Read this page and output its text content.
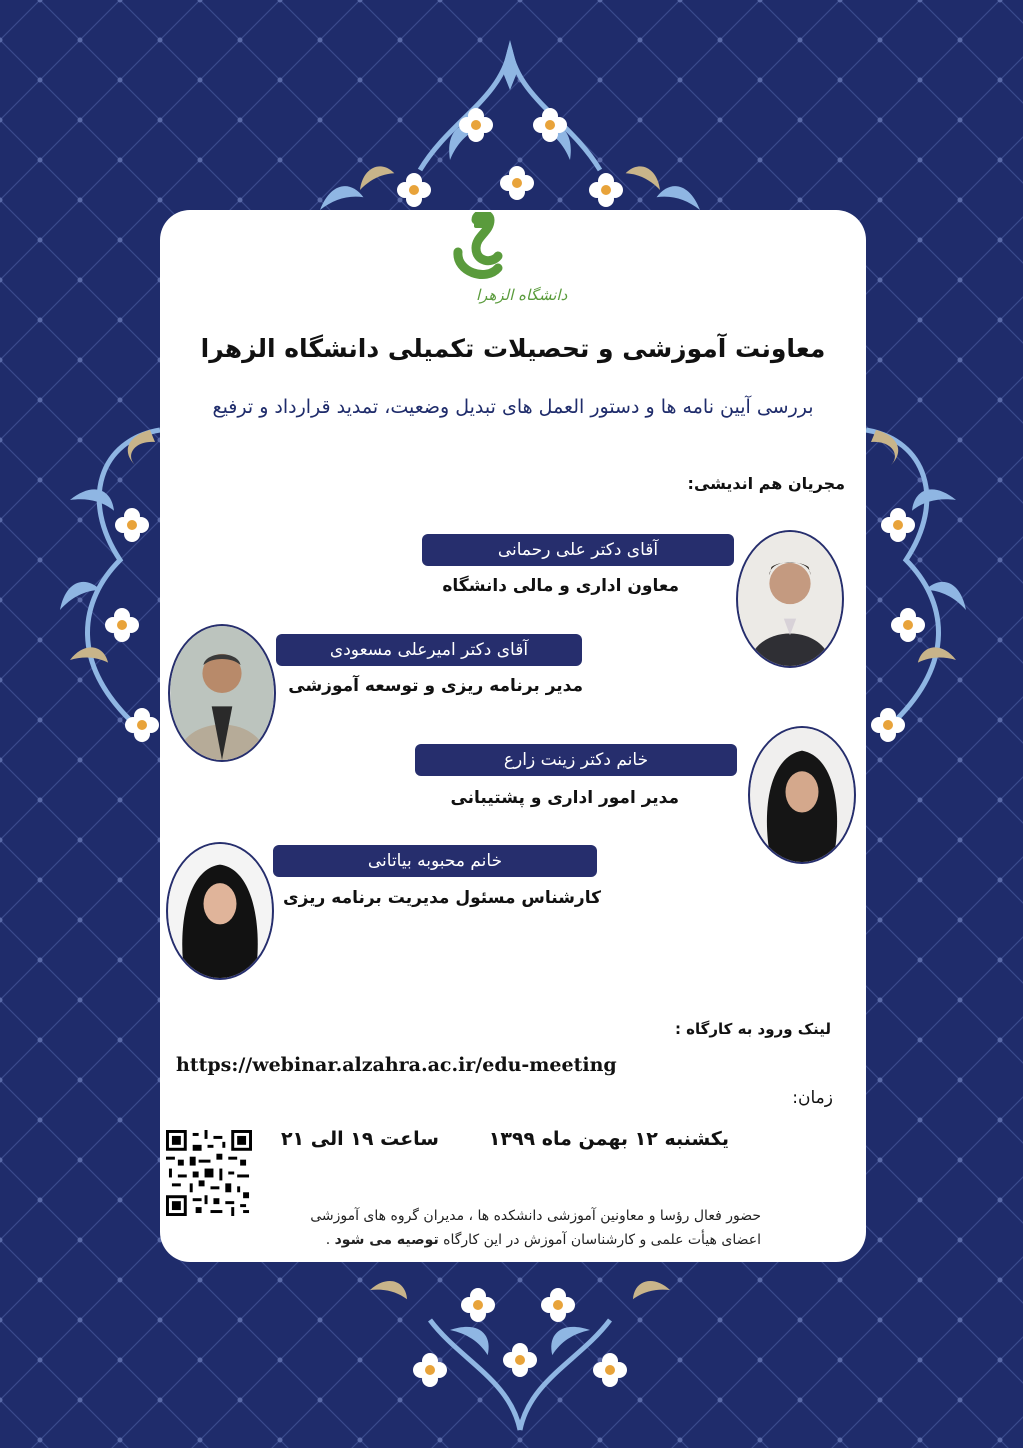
دانشگاه الزهرا
معاونت آموزشی و تحصیلات تکمیلی دانشگاه الزهرا
بررسی آیین نامه ها و دستور العمل های تبدیل وضعیت، تمدید قرارداد و ترفیع
مجریان هم اندیشی:
آقای دکتر علی رحمانی
معاون اداری و مالی دانشگاه
آقای دکتر امیرعلی مسعودی
مدیر برنامه ریزی و توسعه آموزشی
خانم دکتر زینت زارع
مدیر امور اداری و پشتیبانی
خانم محبوبه بیاتانی
کارشناس مسئول مدیریت برنامه ریزی
لینک ورود به کارگاه :
https://webinar.alzahra.ac.ir/edu-meeting
زمان:
یکشنبه ۱۲ بهمن ماه ۱۳۹۹
ساعت ۱۹ الی ۲۱
حضور فعال رؤسا و معاونین آموزشی دانشکده ها ، مدیران گروه های آموزشی
اعضای هیأت علمی و کارشناسان آموزش در این کارگاه توصیه می شود .
